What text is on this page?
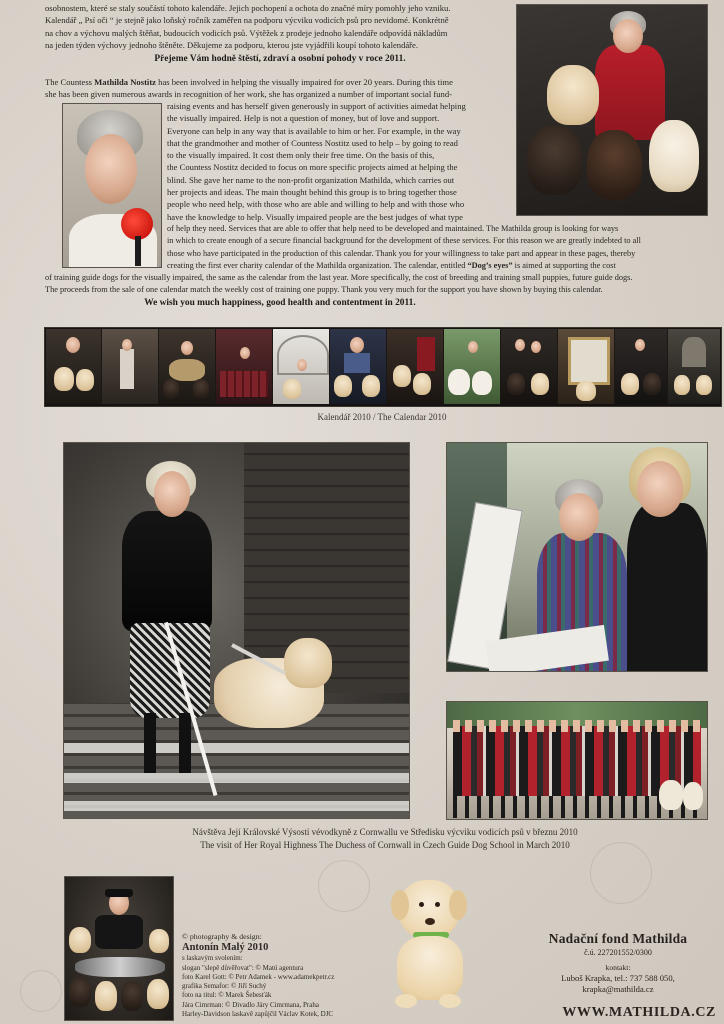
osobnostem, které se staly součástí tohoto kalendáře. Jejich pochopení a ochota do značné míry pomohly jeho vzniku.
Kalendář „ Psí oči “ je stejně jako loňský ročník zaměřen na podporu výcviku vodicích psů pro nevidomé. Konkrétně
na chov a výchovu malých štěňat, budoucích vodicích psů. Výtěžek z prodeje jednoho kalendáře odpovídá nákladům
na jeden týden výchovy jednoho štěněte. Děkujeme za podporu, kterou jste vyjádřili koupí tohoto kalendáře.
Přejeme Vám hodně štěstí, zdraví a osobní pohody v roce 2011.
The Countess Mathilda Nostitz has been involved in helping the visually impaired for over 20 years. During this time
she has been given numerous awards in recognition of her work, she has organized a number of important social fund-
raising events and has herself given generously in support of activities aimedat helping
the visually impaired. Help is not a question of money, but of love and support.
Everyone can help in any way that is available to him or her. For example, in the way
that the grandmother and mother of Countess Nostitz used to help – by going to read
to the visually impaired. It cost them only their free time. On the basis of this,
the Countess Nostitz decided to focus on more specific projects aimed at helping the
blind. She gave her name to the non-profit organization Mathilda, which carries out
her projects and ideas. The main thought behind this group is to bring together those
people who need help, with those who are able and willing to help and with those who
have the knowledge to help. Visually impaired people are the best judges of what type
of help they need. Services that are able to offer that help need to be developed and maintained. The Mathilda group is looking for ways
in which to create enough of a secure financial background for the development of these services. For this reason we are greatly indebted to all
those who have participated in the production of this calendar. Thank you for your willingness to take part and appear in these pages, thereby
creating the first ever charity calendar of the Mathilda organization. The calendar, entitled “Dog’s eyes” is aimed at supporting the cost
of training guide dogs for the visually impaired, the same as the calendar from the last year. More specifically, the cost of breeding and training small puppies, future guide dogs.
The proceeds from the sale of one calendar match the weekly cost of training one puppy. Thank you very much for the support you have shown by buying this calendar.
We wish you much happiness, good health and contentment in 2011.
Kalendář 2010 / The Calendar 2010
Návštěva Její Královské Výsosti vévodkyně z Cornwallu ve Středisku výcviku vodicích psů v březnu 2010
The visit of Her Royal Highness The Duchess of Cornwall in Czech Guide Dog School in March 2010
© photography & design:
Antonín Malý 2010
s laskavým svolením:
slogan "slepě důvěřovat": © Matú agentura
foto Karel Gott: © Petr Adamek - www.adamekpetr.cz
grafika Semafor: © Jiří Suchý
foto na titul: © Marek Šebesťák
Jára Cimrman: © Divadlo Járy Cimrmana, Praha
Harley-Davidson laskavě zapůjčil Václav Kotek, DJC
Nadační fond Mathilda
č.ú. 227201552/0300
kontakt:
Luboš Krapka, tel.: 737 588 050,
krapka@mathilda.cz
WWW.MATHILDA.CZ
